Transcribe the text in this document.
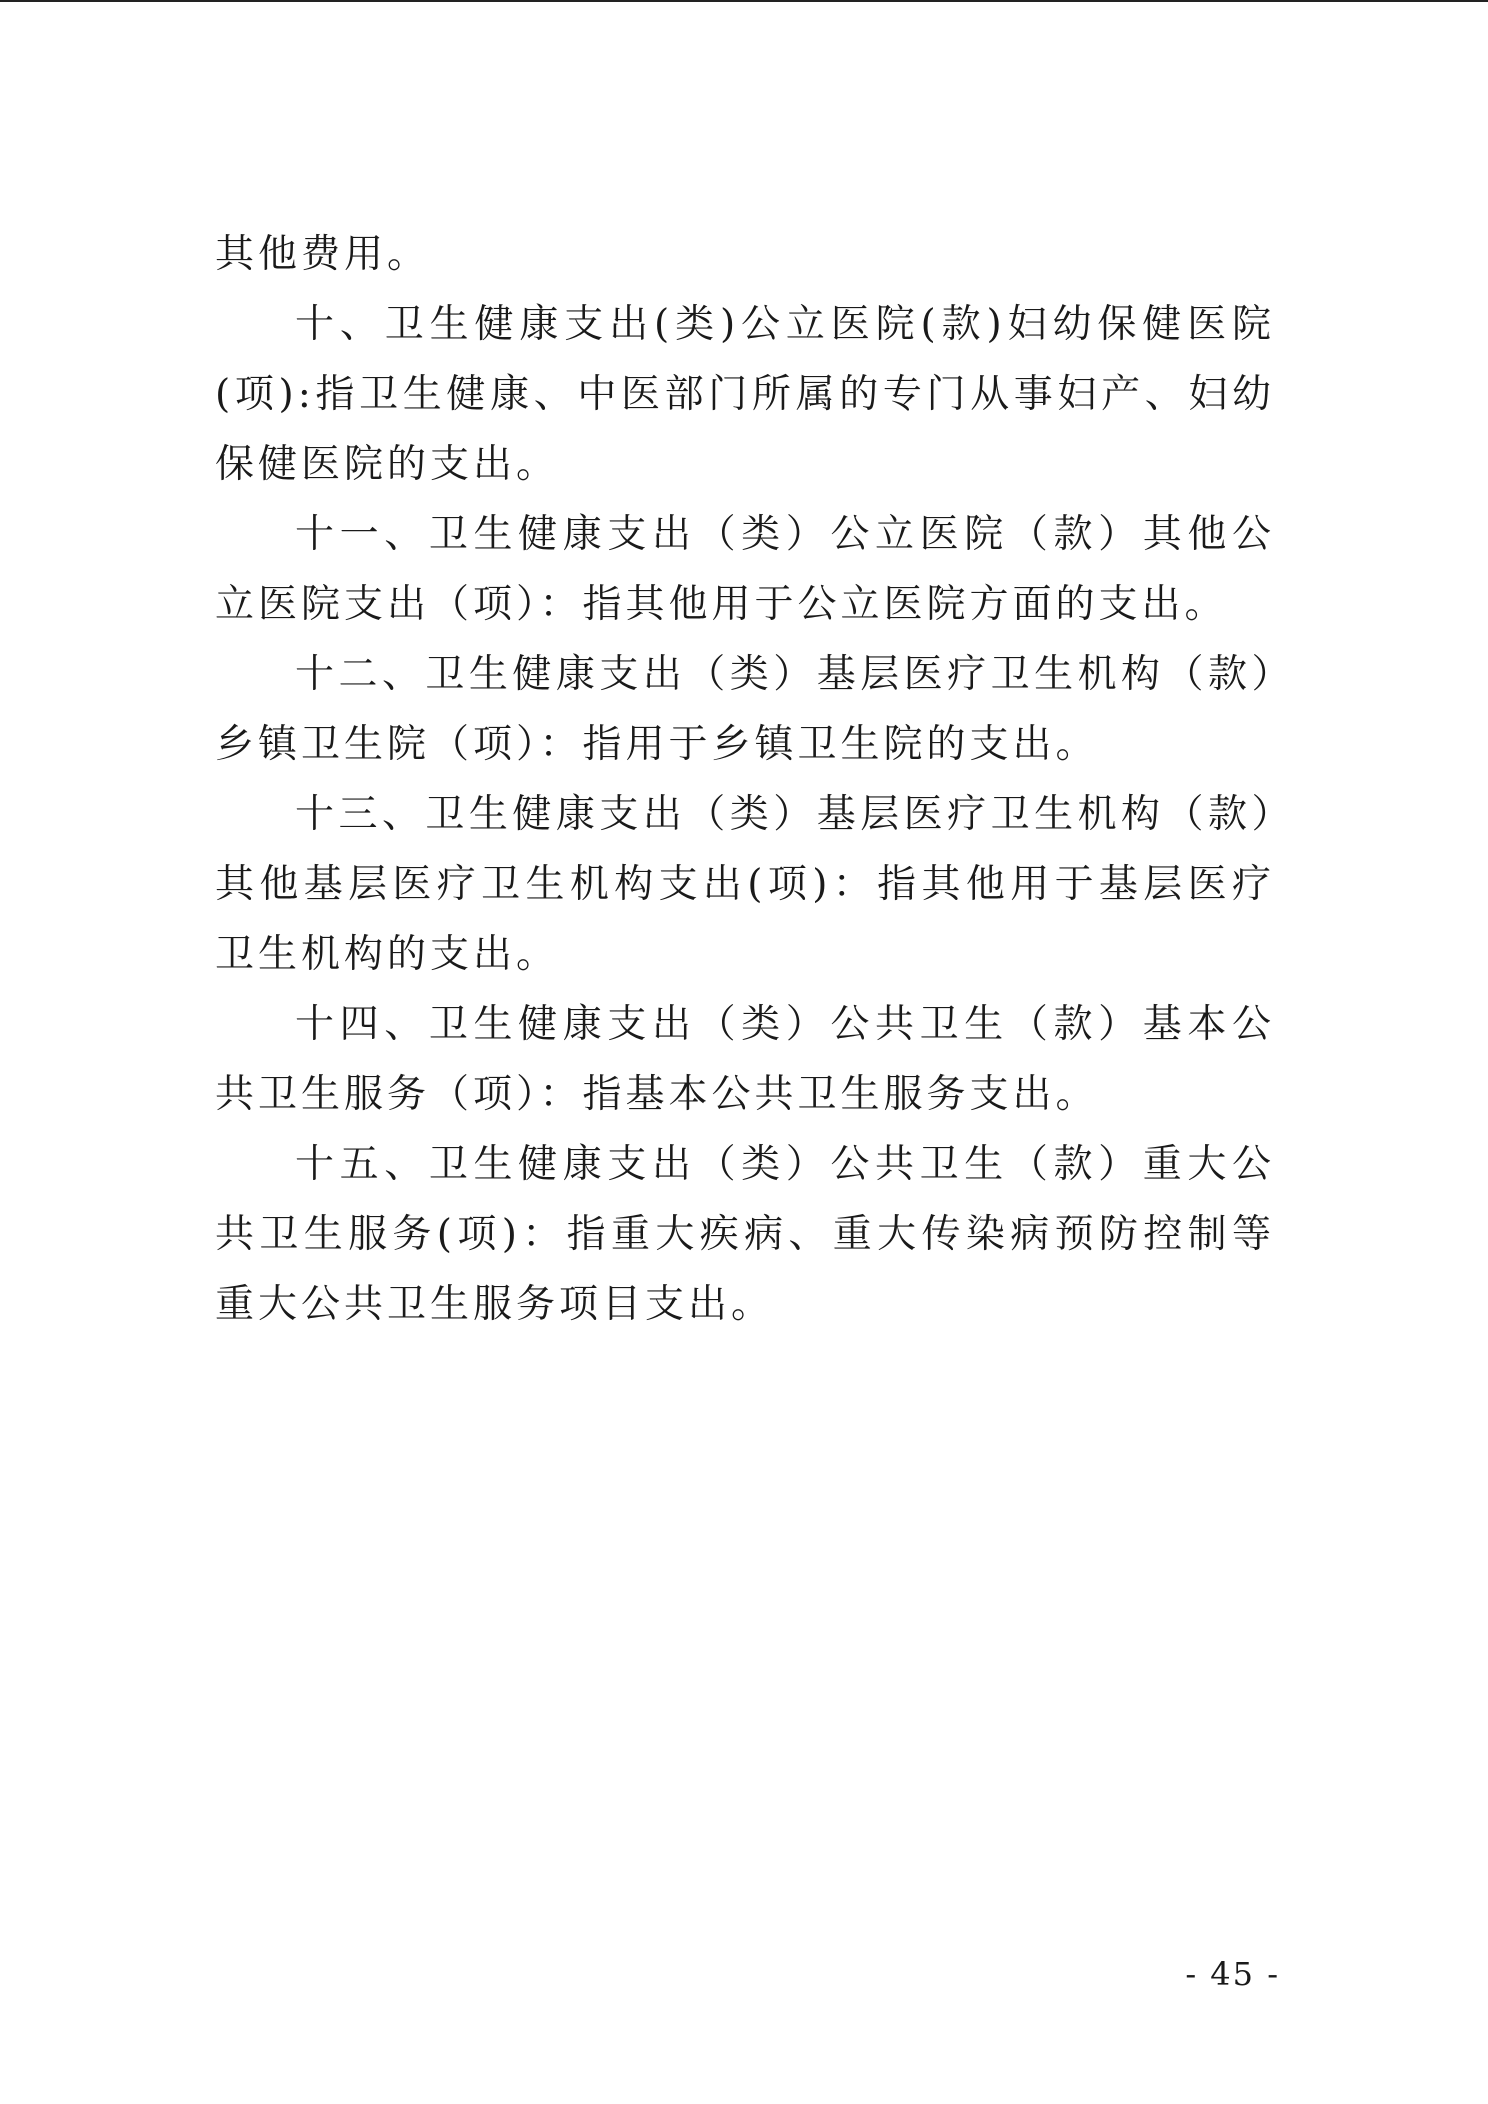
其他费用。

十、卫生健康支出(类)公立医院(款)妇幼保健医院(项):指卫生健康、中医部门所属的专门从事妇产、妇幼保健医院的支出。

十一、卫生健康支出（类）公立医院（款）其他公立医院支出（项）：指其他用于公立医院方面的支出。

十二、卫生健康支出（类）基层医疗卫生机构（款）乡镇卫生院（项）：指用于乡镇卫生院的支出。

十三、卫生健康支出（类）基层医疗卫生机构（款）其他基层医疗卫生机构支出(项)：指其他用于基层医疗卫生机构的支出。

十四、卫生健康支出（类）公共卫生（款）基本公共卫生服务（项）：指基本公共卫生服务支出。

十五、卫生健康支出（类）公共卫生（款）重大公共卫生服务(项)：指重大疾病、重大传染病预防控制等重大公共卫生服务项目支出。

- 45 -
